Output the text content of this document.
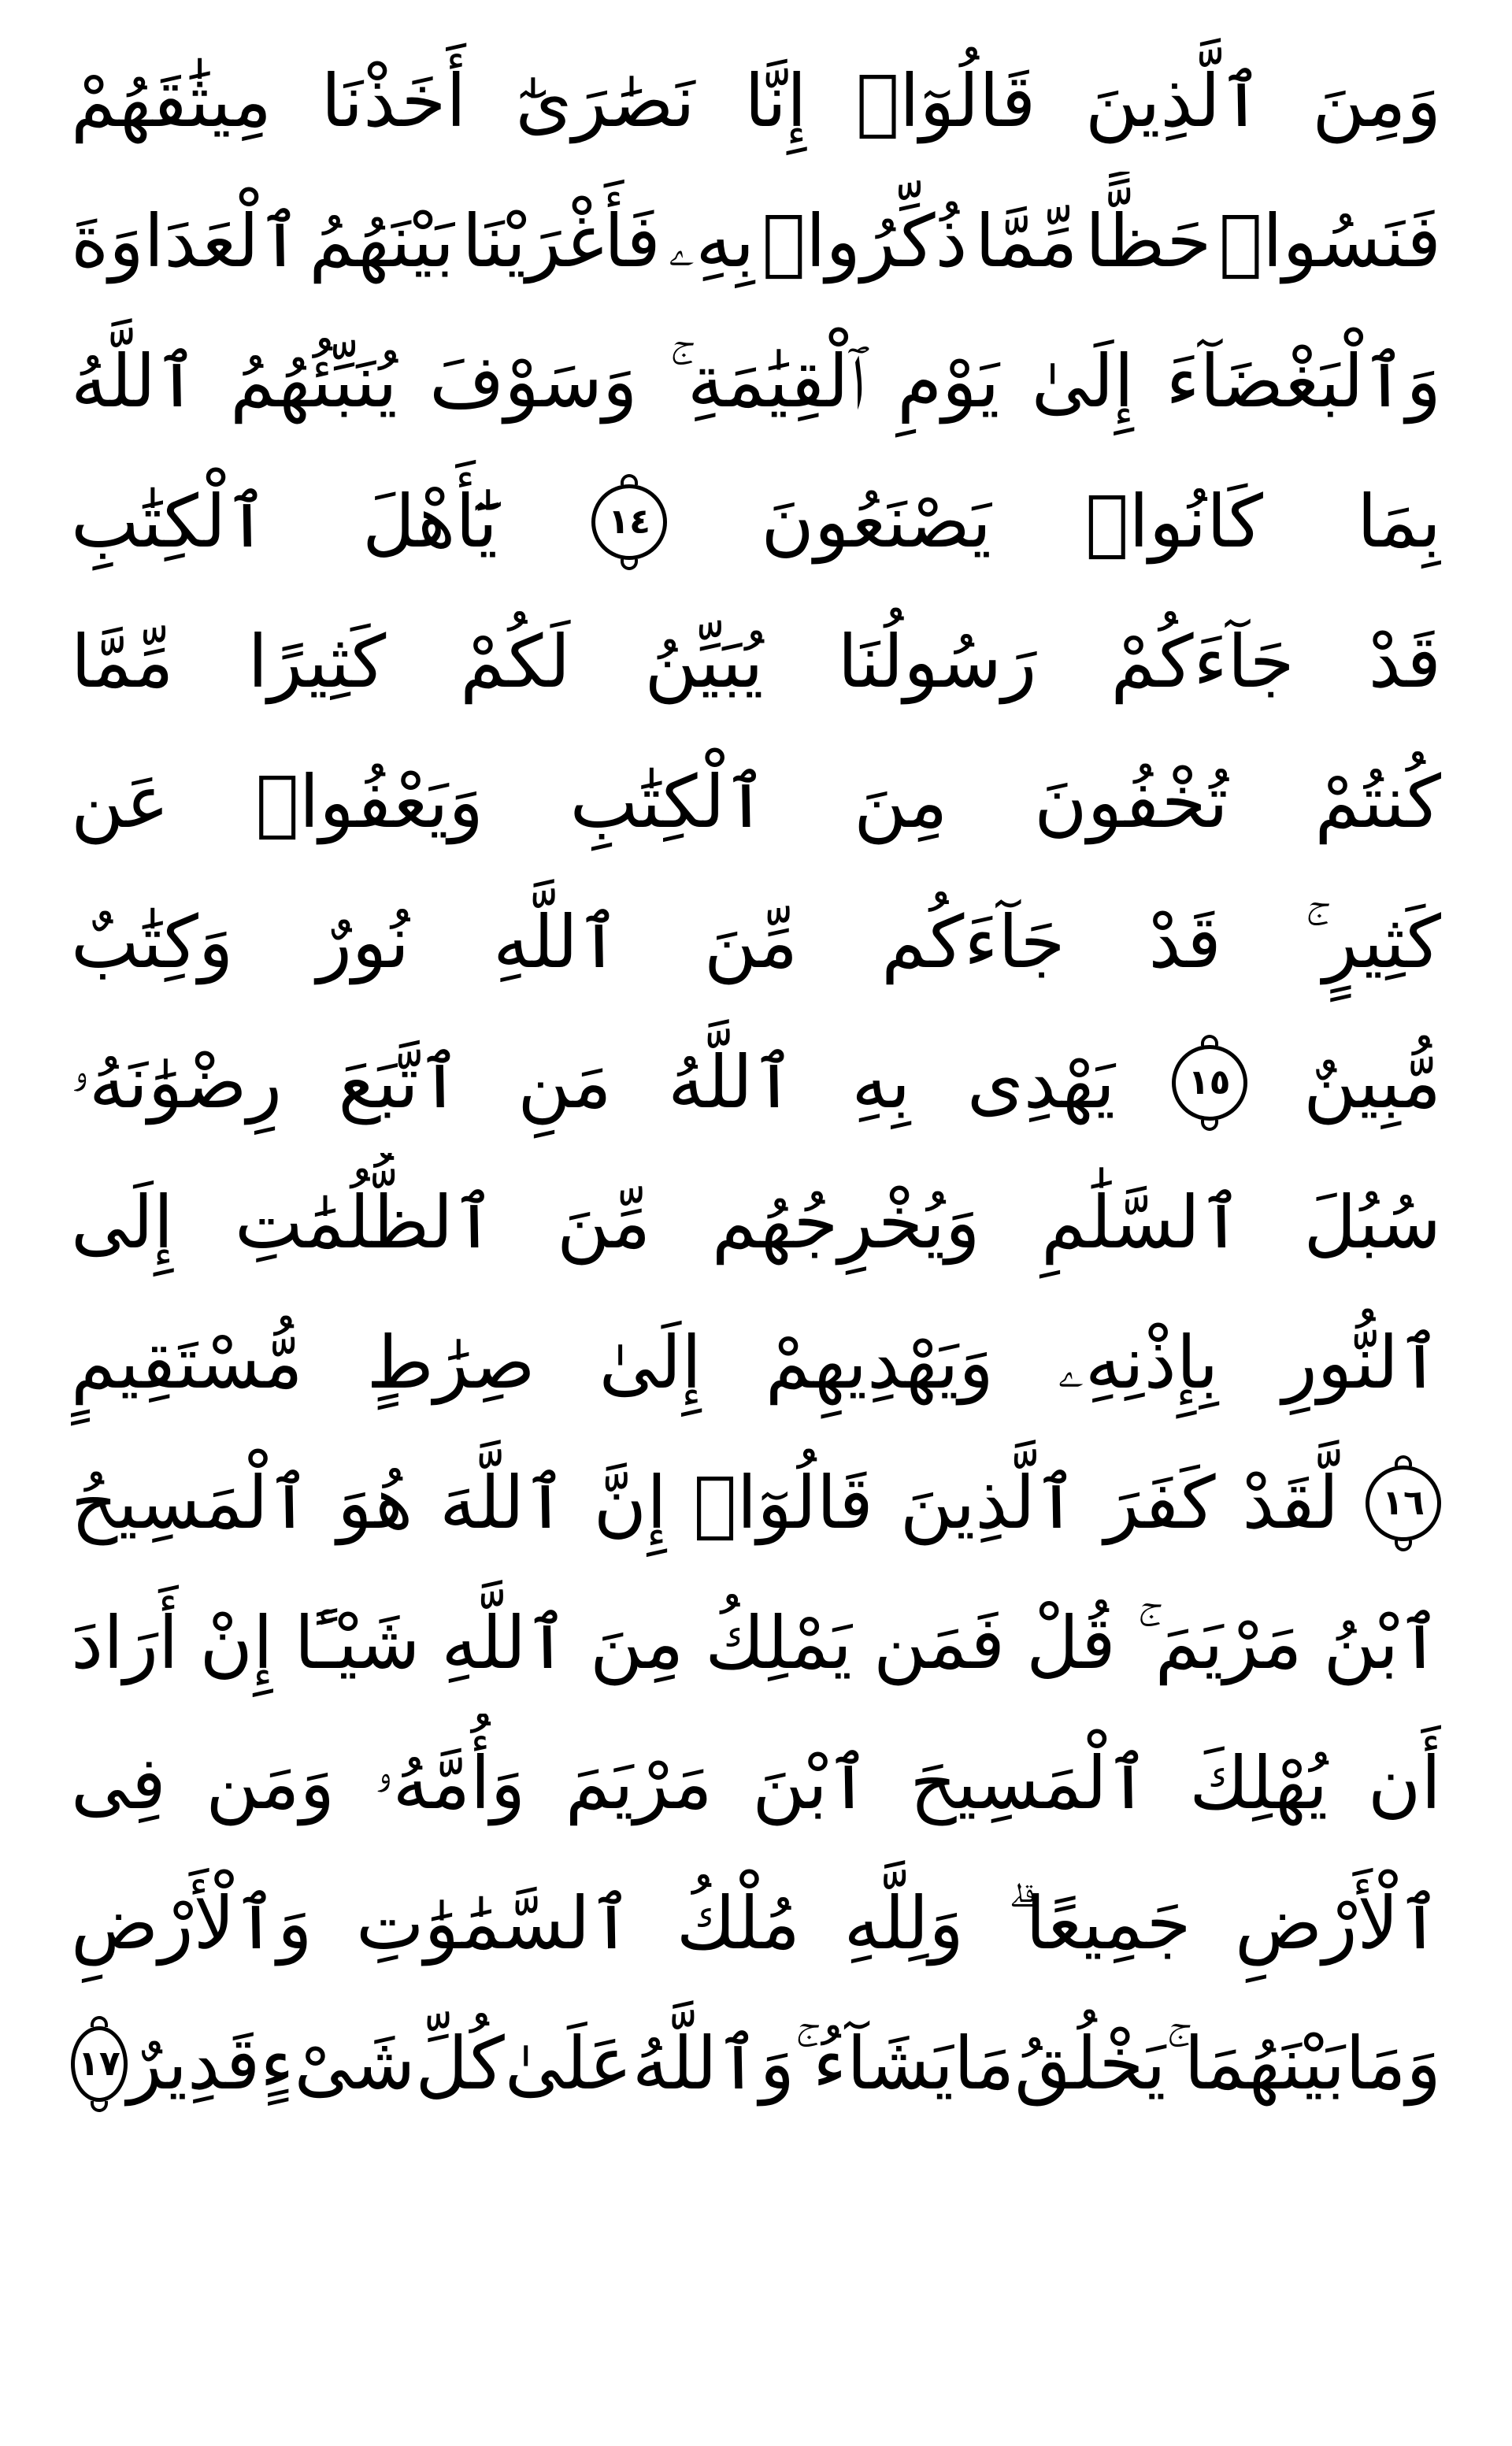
وَمِنَ
ٱلَّذِينَ
قَالُوٓا۟
إِنَّا
نَصَٰرَىٰٓ
أَخَذْنَا
مِيثَٰقَهُمْ
فَنَسُوا۟
حَظًّا
مِّمَّا
ذُكِّرُوا۟
بِهِۦ
فَأَغْرَيْنَا
بَيْنَهُمُ
ٱلْعَدَاوَةَ
وَٱلْبَغْضَآءَ
إِلَىٰ
يَوْمِ
ٱلْقِيَٰمَةِ ۚ
وَسَوْفَ
يُنَبِّئُهُمُ
ٱللَّهُ
بِمَا
كَانُوا۟
يَصْنَعُونَ
١٤
يَٰٓأَهْلَ
ٱلْكِتَٰبِ
قَدْ
جَآءَكُمْ
رَسُولُنَا
يُبَيِّنُ
لَكُمْ
كَثِيرًا
مِّمَّا
كُنتُمْ
تُخْفُونَ
مِنَ
ٱلْكِتَٰبِ
وَيَعْفُوا۟
عَن
كَثِيرٍ ۚ
قَدْ
جَآءَكُم
مِّنَ
ٱللَّهِ
نُورٌ
وَكِتَٰبٌ
مُّبِينٌ
١٥
يَهْدِى
بِهِ
ٱللَّهُ
مَنِ
ٱتَّبَعَ
رِضْوَٰنَهُۥ
سُبُلَ
ٱلسَّلَٰمِ
وَيُخْرِجُهُم
مِّنَ
ٱلظُّلُمَٰتِ
إِلَى
ٱلنُّورِ
بِإِذْنِهِۦ
وَيَهْدِيهِمْ
إِلَىٰ
صِرَٰطٍ
مُّسْتَقِيمٍ
١٦
لَّقَدْ
كَفَرَ
ٱلَّذِينَ
قَالُوٓا۟
إِنَّ
ٱللَّهَ
هُوَ
ٱلْمَسِيحُ
ٱبْنُ
مَرْيَمَ ۚ
قُلْ
فَمَن
يَمْلِكُ
مِنَ
ٱللَّهِ
شَيْـًٔا
إِنْ
أَرَادَ
أَن
يُهْلِكَ
ٱلْمَسِيحَ
ٱبْنَ
مَرْيَمَ
وَأُمَّهُۥ
وَمَن
فِى
ٱلْأَرْضِ
جَمِيعًا ۗ
وَلِلَّهِ
مُلْكُ
ٱلسَّمَٰوَٰتِ
وَٱلْأَرْضِ
وَمَا
بَيْنَهُمَا ۚ
يَخْلُقُ
مَا
يَشَآءُ ۚ
وَٱللَّهُ
عَلَىٰ
كُلِّ
شَىْءٍ
قَدِيرٌ
١٧
